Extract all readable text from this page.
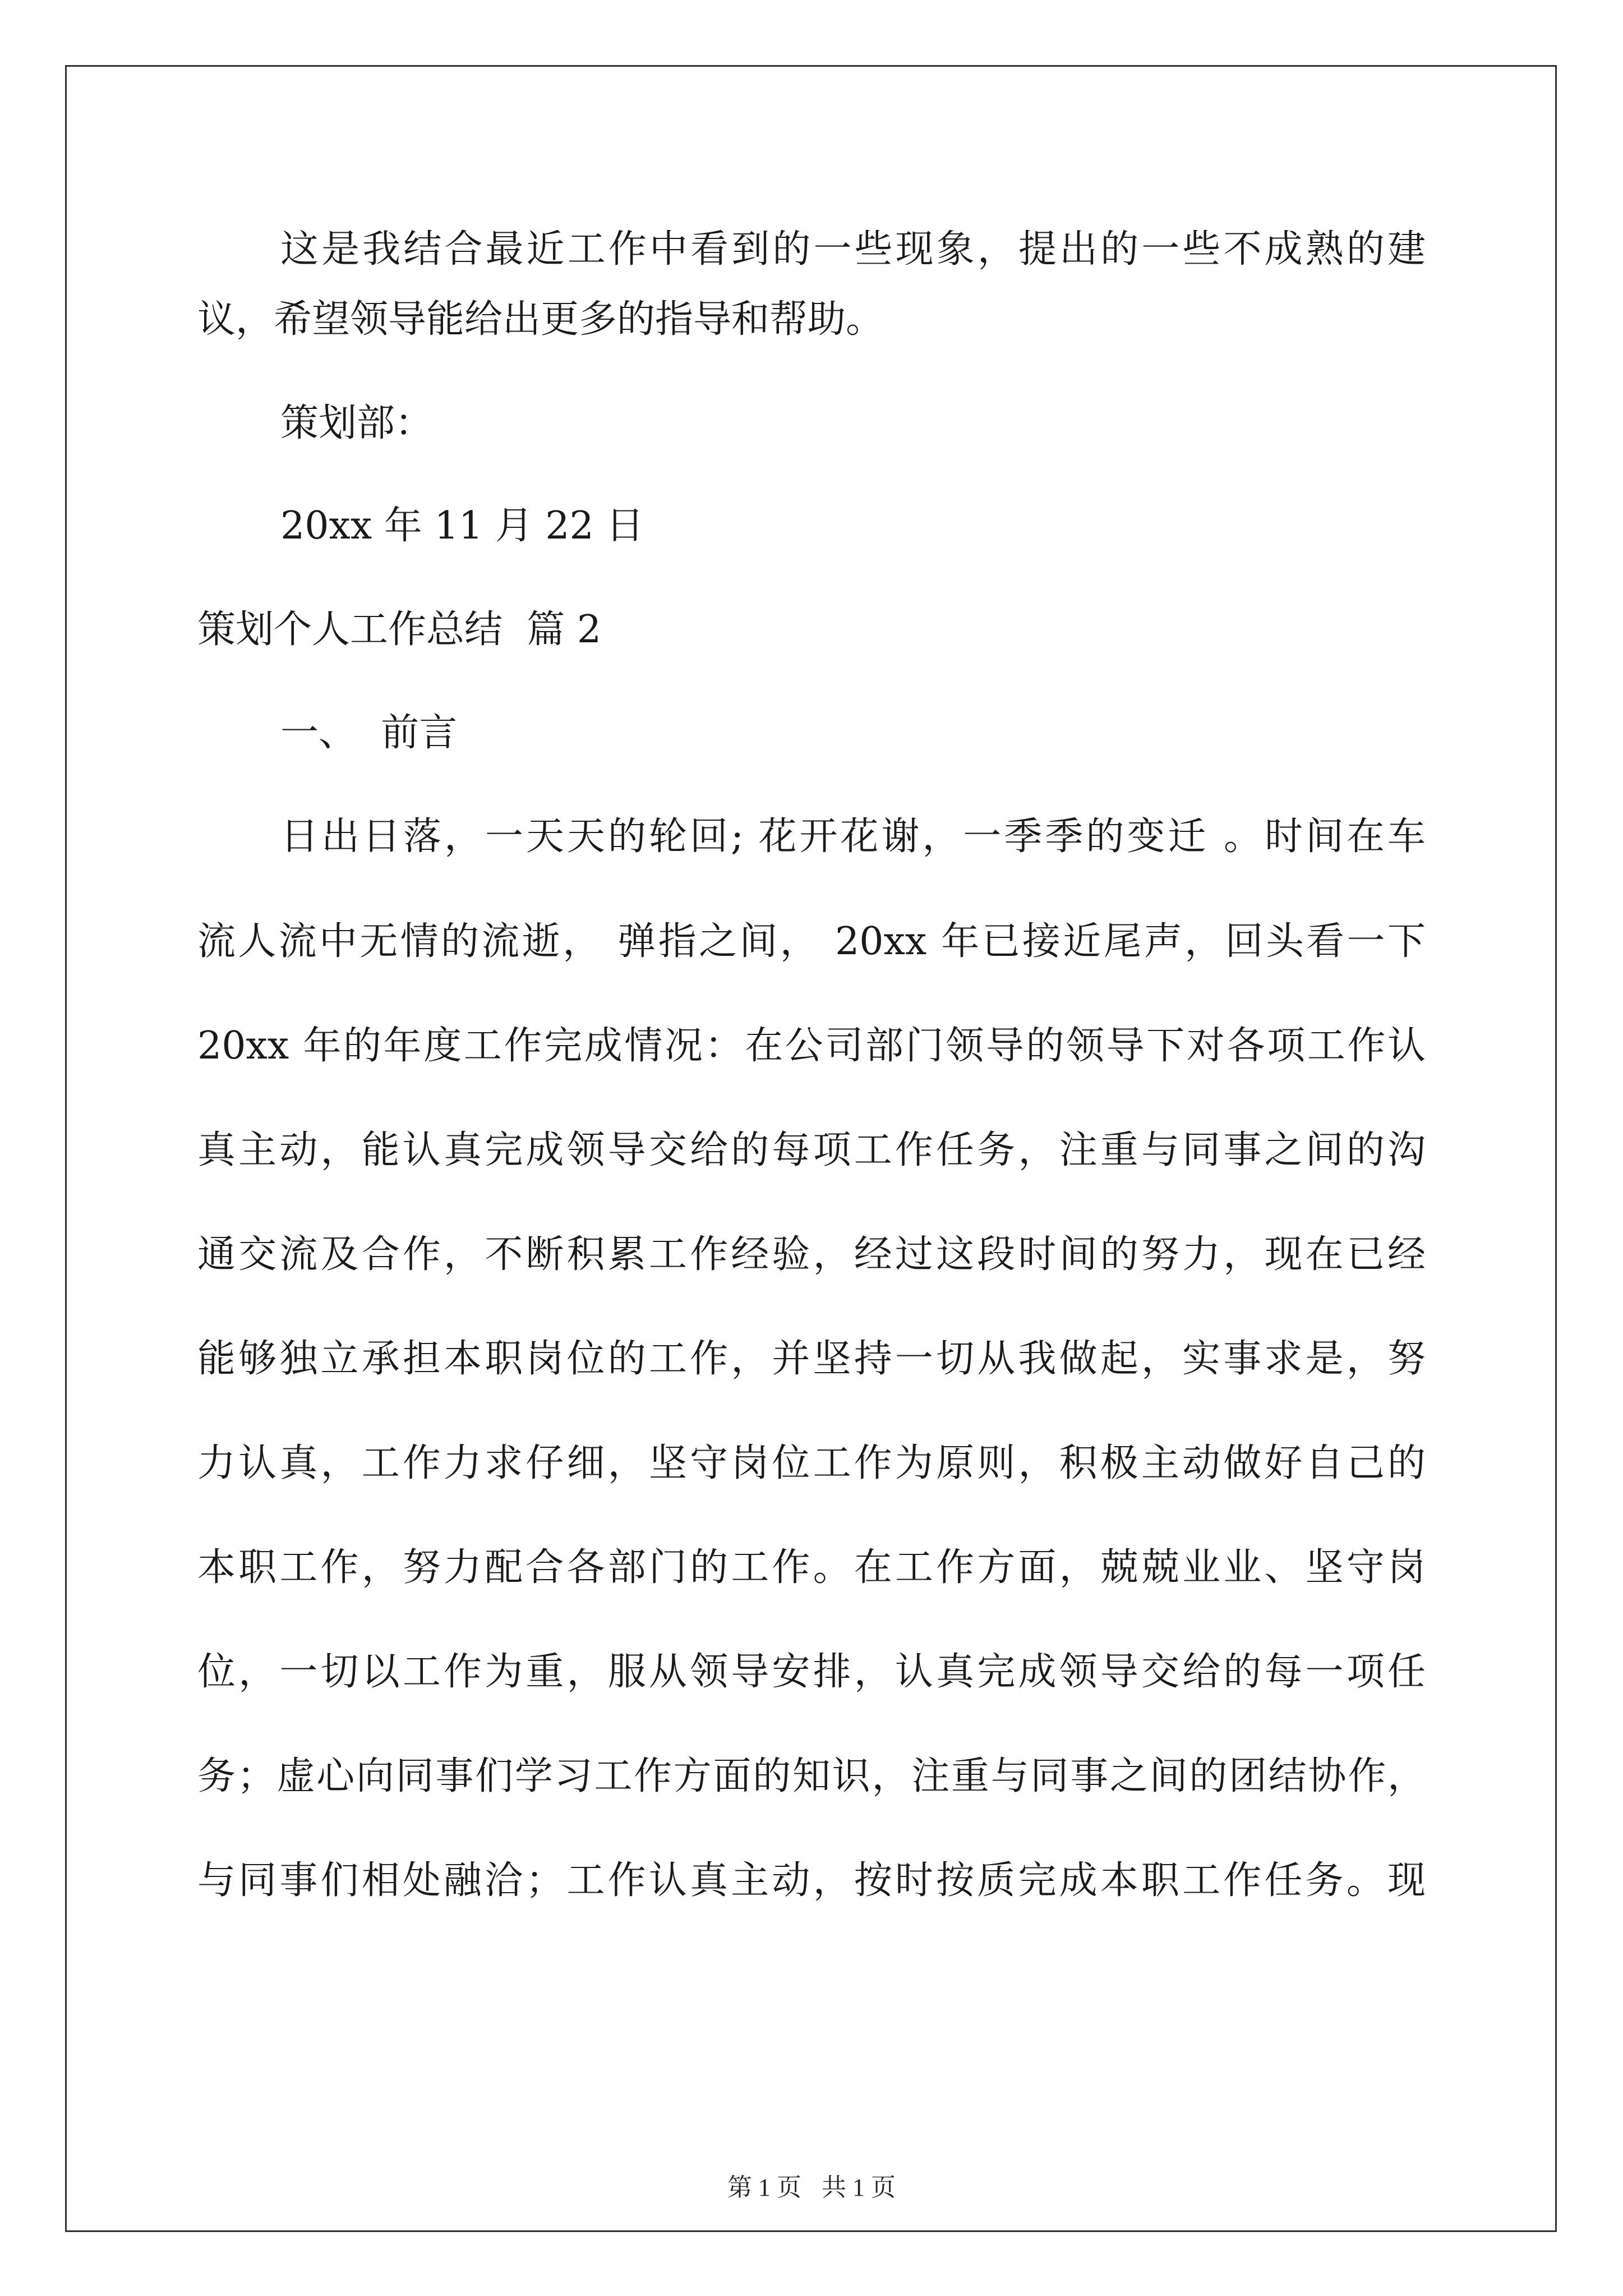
这是我结合最近工作中看到的一些现象，提出的一些不成熟的建

议，希望领导能给出更多的指导和帮助。

策划部：

20xx 年 11 月 22 日

策划个人工作总结  篇 2

一、  前言

日出日落，一天天的轮回; 花开花谢，一季季的变迁 。时间在车

流人流中无情的流逝， 弹指之间， 20xx 年已接近尾声，回头看一下

20xx 年的年度工作完成情况：在公司部门领导的领导下对各项工作认

真主动，能认真完成领导交给的每项工作任务，注重与同事之间的沟

通交流及合作，不断积累工作经验，经过这段时间的努力，现在已经

能够独立承担本职岗位的工作，并坚持一切从我做起，实事求是，努

力认真，工作力求仔细，坚守岗位工作为原则，积极主动做好自己的

本职工作，努力配合各部门的工作。在工作方面，兢兢业业、坚守岗

位，一切以工作为重，服从领导安排，认真完成领导交给的每一项任

务；虚心向同事们学习工作方面的知识，注重与同事之间的团结协作，

与同事们相处融洽；工作认真主动，按时按质完成本职工作任务。现

第 1 页 共 1 页
